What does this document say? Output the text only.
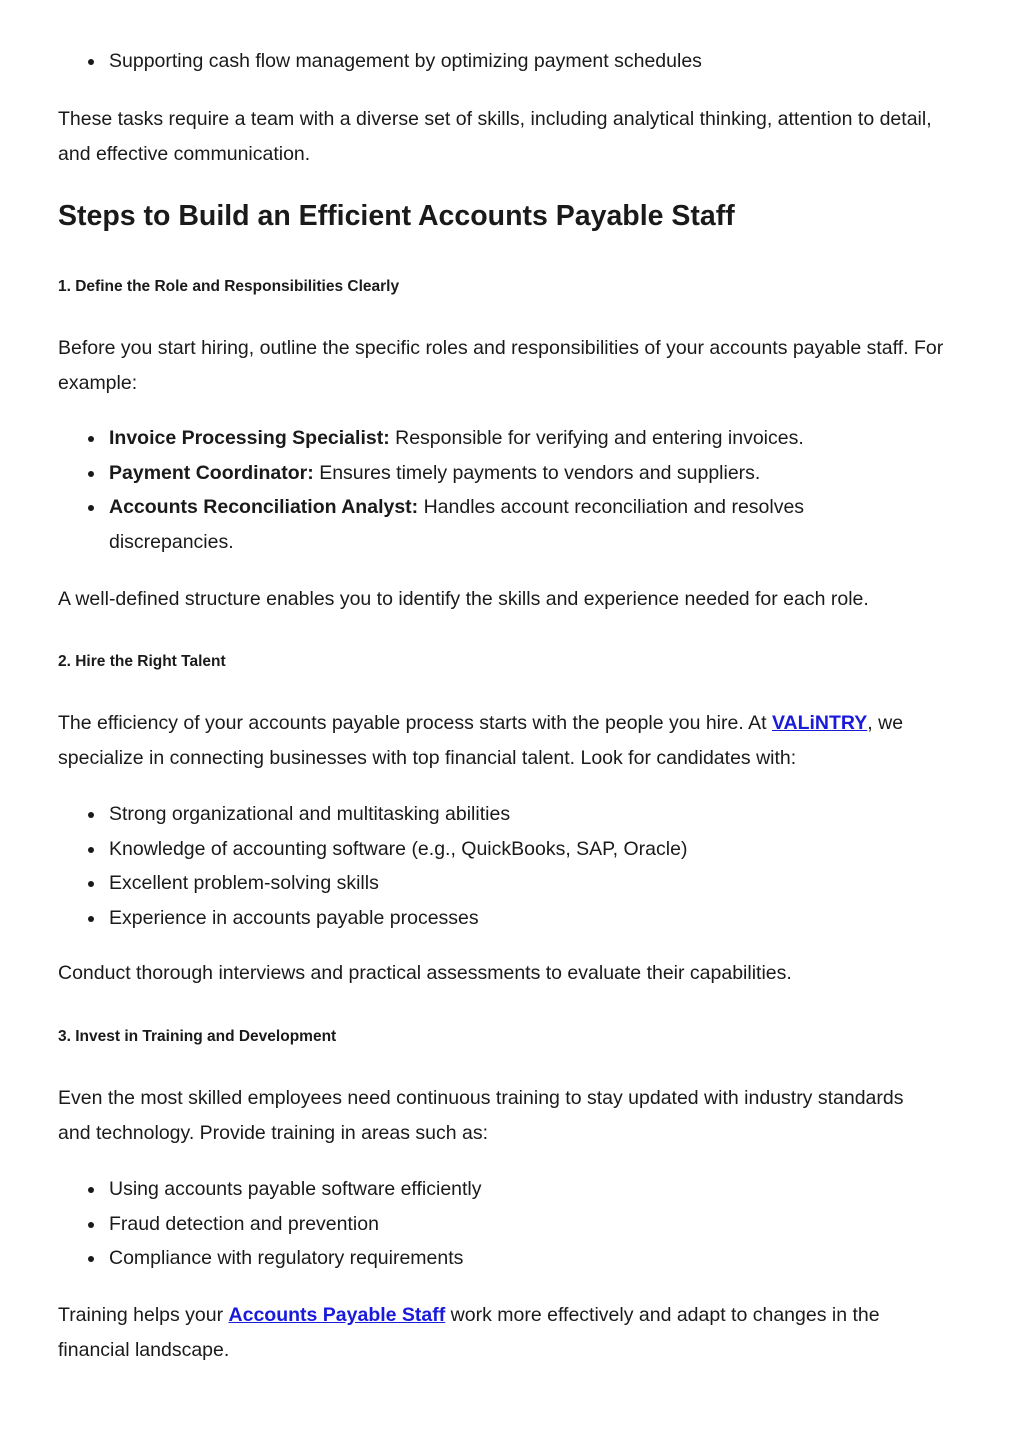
Supporting cash flow management by optimizing payment schedules

These tasks require a team with a diverse set of skills, including analytical thinking, attention to detail, and effective communication.

Steps to Build an Efficient Accounts Payable Staff
1. Define the Role and Responsibilities Clearly

Before you start hiring, outline the specific roles and responsibilities of your accounts payable staff. For example:

Invoice Processing Specialist: Responsible for verifying and entering invoices.
Payment Coordinator: Ensures timely payments to vendors and suppliers.
Accounts Reconciliation Analyst: Handles account reconciliation and resolves discrepancies.

A well-defined structure enables you to identify the skills and experience needed for each role.

2. Hire the Right Talent

The efficiency of your accounts payable process starts with the people you hire. At VALiNTRY, we specialize in connecting businesses with top financial talent. Look for candidates with:

Strong organizational and multitasking abilities
Knowledge of accounting software (e.g., QuickBooks, SAP, Oracle)
Excellent problem-solving skills
Experience in accounts payable processes

Conduct thorough interviews and practical assessments to evaluate their capabilities.

3. Invest in Training and Development

Even the most skilled employees need continuous training to stay updated with industry standards and technology. Provide training in areas such as:

Using accounts payable software efficiently
Fraud detection and prevention
Compliance with regulatory requirements

Training helps your Accounts Payable Staff work more effectively and adapt to changes in the financial landscape.
